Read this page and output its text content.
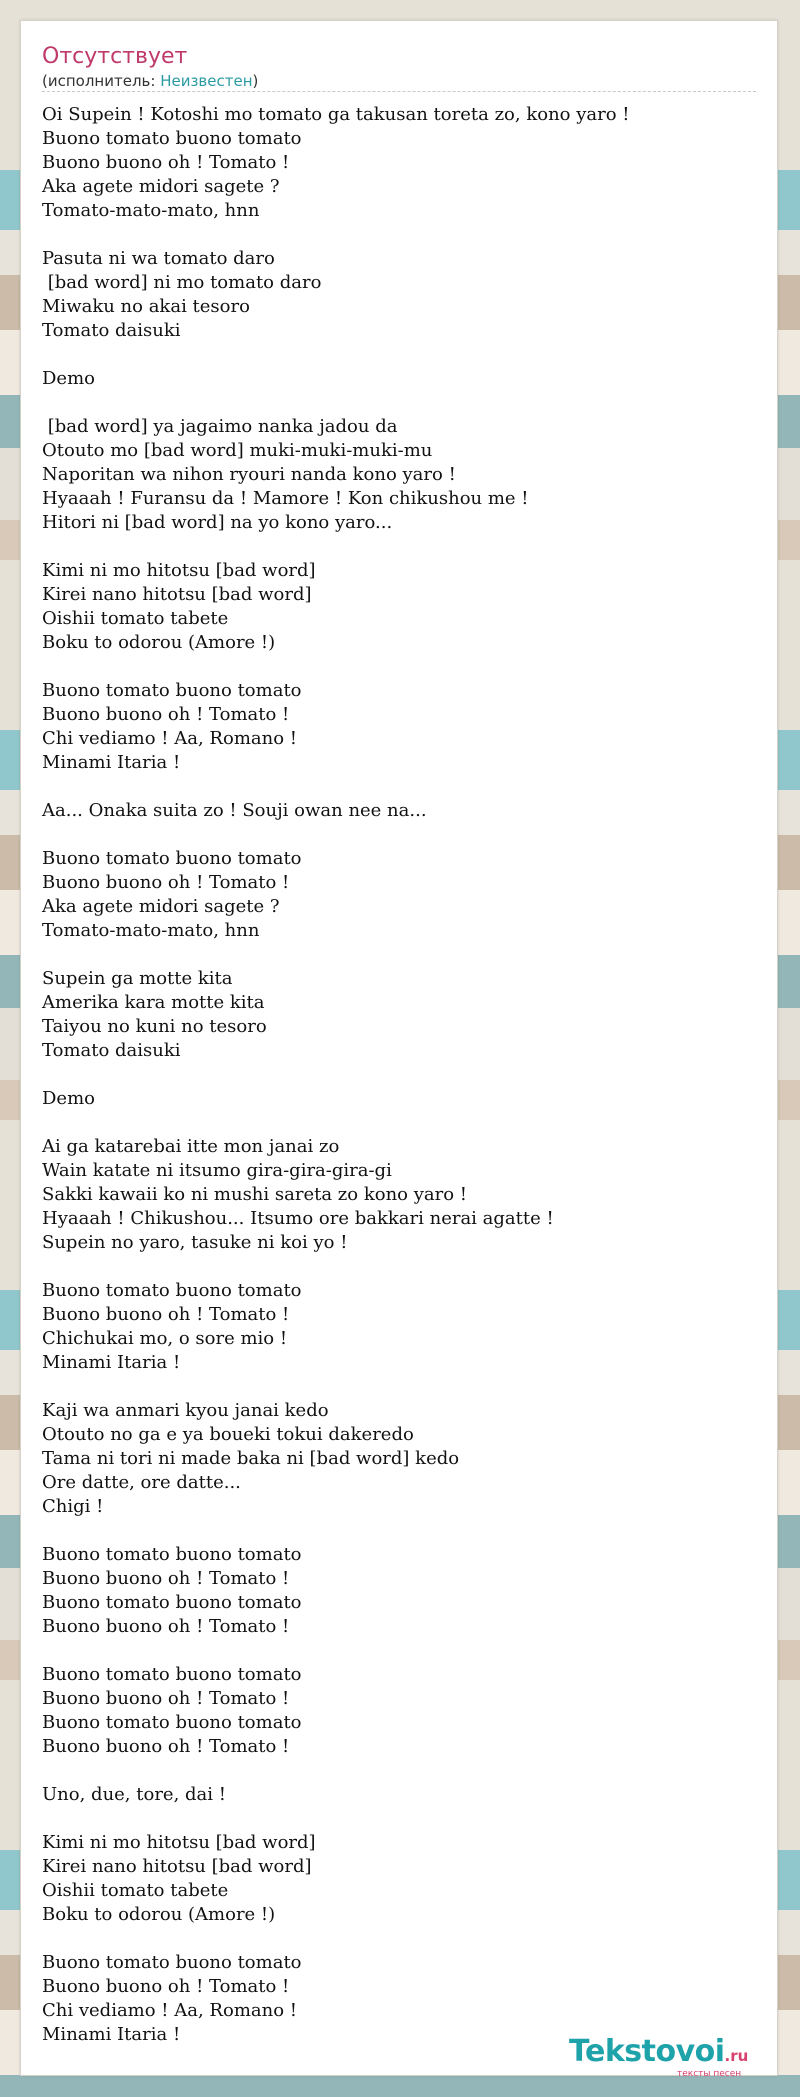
Отсутствует
(исполнитель: Неизвестен)
Oi Supein ! Kotoshi mo tomato ga takusan toreta zo, kono yaro !
Buono tomato buono tomato
Buono buono oh ! Tomato !
Aka agete midori sagete ?
Tomato-mato-mato, hnn

Pasuta ni wa tomato daro
[bad word] ni mo tomato daro
Miwaku no akai tesoro
Tomato daisuki

Demo

[bad word] ya jagaimo nanka jadou da
Otouto mo [bad word] muki-muki-muki-mu
Naporitan wa nihon ryouri nanda kono yaro !
Hyaaah ! Furansu da ! Mamore ! Kon chikushou me !
Hitori ni [bad word] na yo kono yaro...

Kimi ni mo hitotsu [bad word]
Kirei nano hitotsu [bad word]
Oishii tomato tabete
Boku to odorou (Amore !)

Buono tomato buono tomato
Buono buono oh ! Tomato !
Chi vediamo ! Aa, Romano !
Minami Itaria !

Aa... Onaka suita zo ! Souji owan nee na...

Buono tomato buono tomato
Buono buono oh ! Tomato !
Aka agete midori sagete ?
Tomato-mato-mato, hnn

Supein ga motte kita
Amerika kara motte kita
Taiyou no kuni no tesoro
Tomato daisuki

Demo

Ai ga katarebai itte mon janai zo
Wain katate ni itsumo gira-gira-gira-gi
Sakki kawaii ko ni mushi sareta zo kono yaro !
Hyaaah ! Chikushou... Itsumo ore bakkari nerai agatte !
Supein no yaro, tasuke ni koi yo !

Buono tomato buono tomato
Buono buono oh ! Tomato !
Chichukai mo, o sore mio !
Minami Itaria !

Kaji wa anmari kyou janai kedo
Otouto no ga e ya boueki tokui dakeredo
Tama ni tori ni made baka ni [bad word] kedo
Ore datte, ore datte...
Chigi !

Buono tomato buono tomato
Buono buono oh ! Tomato !
Buono tomato buono tomato
Buono buono oh ! Tomato !

Buono tomato buono tomato
Buono buono oh ! Tomato !
Buono tomato buono tomato
Buono buono oh ! Tomato !

Uno, due, tore, dai !

Kimi ni mo hitotsu [bad word]
Kirei nano hitotsu [bad word]
Oishii tomato tabete
Boku to odorou (Amore !)

Buono tomato buono tomato
Buono buono oh ! Tomato !
Chi vediamo ! Aa, Romano !
Minami Itaria !	Tekstovoi.ru
тексты песен
